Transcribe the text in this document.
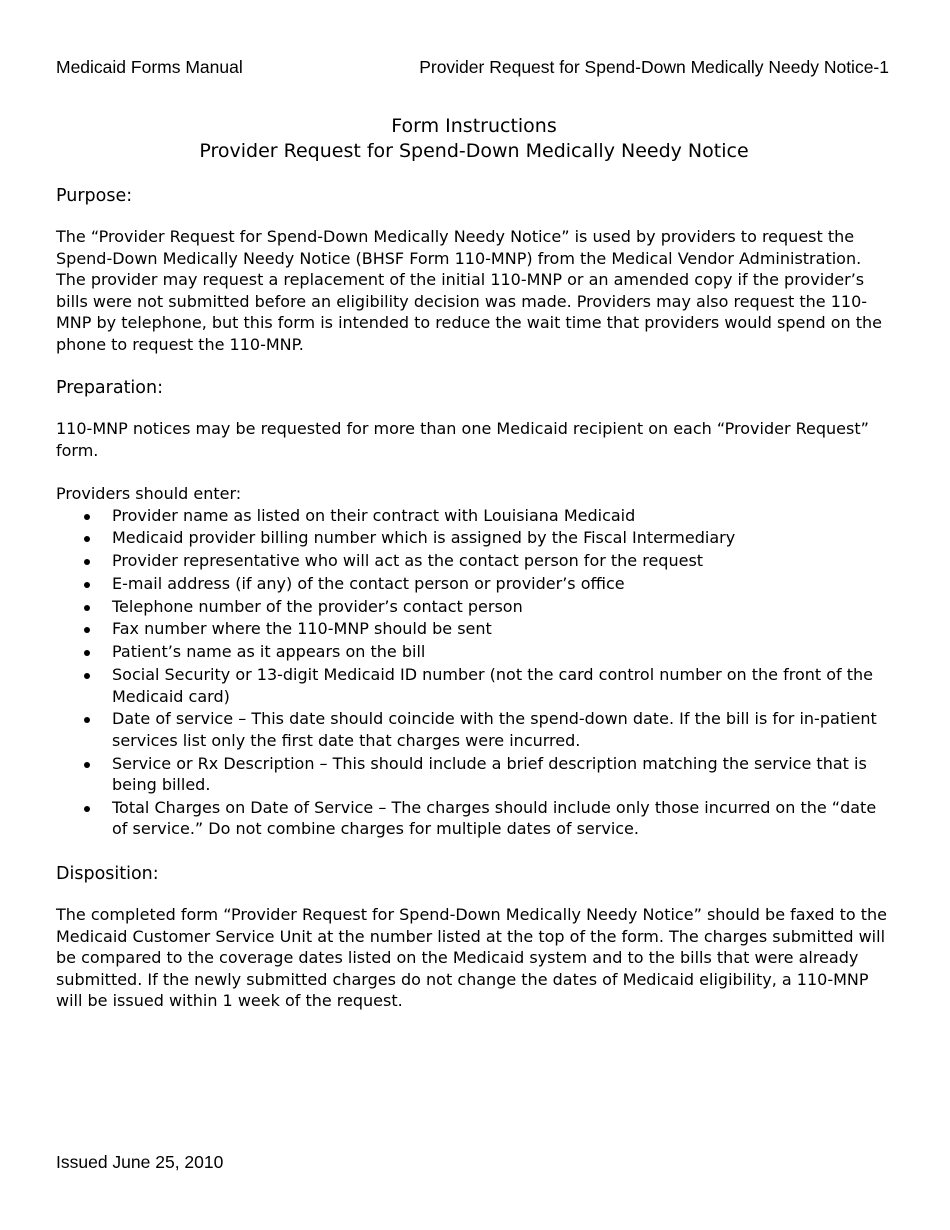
Medicaid Forms Manual	Provider Request for Spend-Down Medically Needy Notice-1
Form Instructions
Provider Request for Spend-Down Medically Needy Notice

Purpose:

The “Provider Request for Spend-Down Medically Needy Notice” is used by providers to request the Spend-Down Medically Needy Notice (BHSF Form 110-MNP) from the Medical Vendor Administration. The provider may request a replacement of the initial 110-MNP or an amended copy if the provider’s bills were not submitted before an eligibility decision was made. Providers may also request the 110-MNP by telephone, but this form is intended to reduce the wait time that providers would spend on the phone to request the 110-MNP.

Preparation:

110-MNP notices may be requested for more than one Medicaid recipient on each “Provider Request” form.

Providers should enter:

Provider name as listed on their contract with Louisiana Medicaid
Medicaid provider billing number which is assigned by the Fiscal Intermediary
Provider representative who will act as the contact person for the request
E-mail address (if any) of the contact person or provider’s office
Telephone number of the provider’s contact person
Fax number where the 110-MNP should be sent
Patient’s name as it appears on the bill
Social Security or 13-digit Medicaid ID number (not the card control number on the front of the Medicaid card)
Date of service – This date should coincide with the spend-down date. If the bill is for in-patient services list only the first date that charges were incurred.
Service or Rx Description – This should include a brief description matching the service that is being billed.
Total Charges on Date of Service – The charges should include only those incurred on the “date of service.” Do not combine charges for multiple dates of service.

Disposition:

The completed form “Provider Request for Spend-Down Medically Needy Notice” should be faxed to the Medicaid Customer Service Unit at the number listed at the top of the form. The charges submitted will be compared to the coverage dates listed on the Medicaid system and to the bills that were already submitted. If the newly submitted charges do not change the dates of Medicaid eligibility, a 110-MNP will be issued within 1 week of the request.

Issued June 25, 2010
